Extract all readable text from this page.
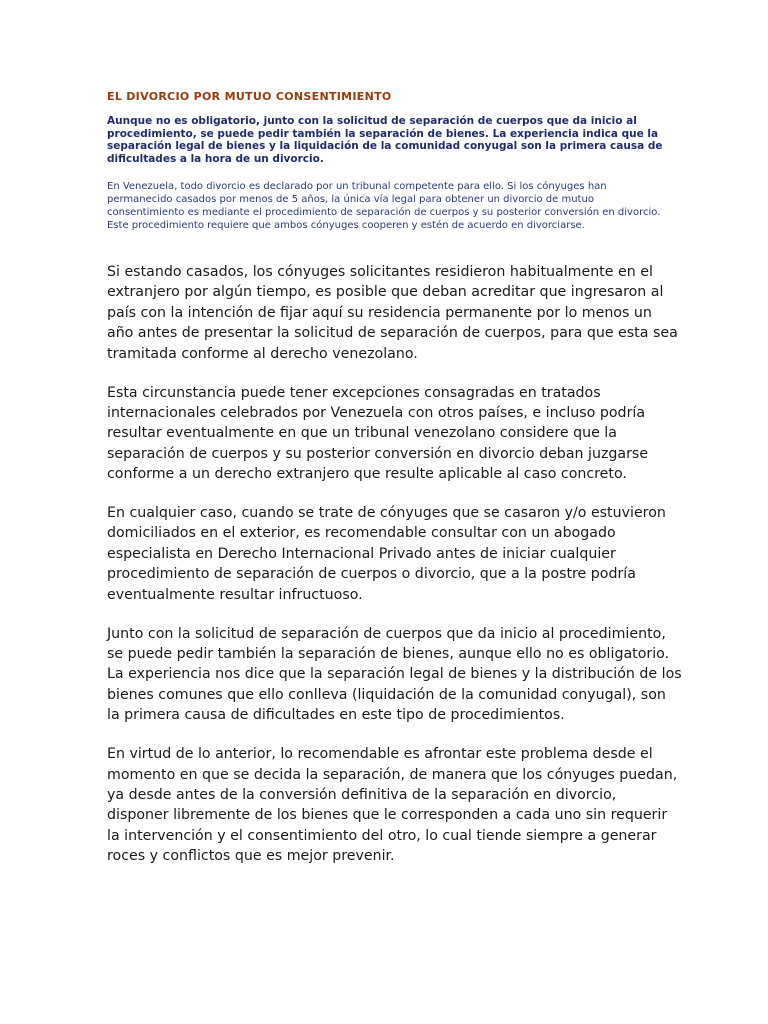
EL DIVORCIO POR MUTUO CONSENTIMIENTO

Aunque no es obligatorio, junto con la solicitud de separación de cuerpos que da inicio al procedimiento, se puede pedir también la separación de bienes. La experiencia indica que la separación legal de bienes y la liquidación de la comunidad conyugal son la primera causa de dificultades a la hora de un divorcio.

En Venezuela, todo divorcio es declarado por un tribunal competente para ello. Si los cónyuges han permanecido casados por menos de 5 años, la única vía legal para obtener un divorcio de mutuo consentimiento es mediante el procedimiento de separación de cuerpos y su posterior conversión en divorcio. Este procedimiento requiere que ambos cónyuges cooperen y estén de acuerdo en divorciarse.

Si estando casados, los cónyuges solicitantes residieron habitualmente en el extranjero por algún tiempo, es posible que deban acreditar que ingresaron al país con la intención de fijar aquí su residencia permanente por lo menos un año antes de presentar la solicitud de separación de cuerpos, para que esta sea tramitada conforme al derecho venezolano.

Esta circunstancia puede tener excepciones consagradas en tratados internacionales celebrados por Venezuela con otros países, e incluso podría resultar eventualmente en que un tribunal venezolano considere que la separación de cuerpos y su posterior conversión en divorcio deban juzgarse conforme a un derecho extranjero que resulte aplicable al caso concreto.

En cualquier caso, cuando se trate de cónyuges que se casaron y/o estuvieron domiciliados en el exterior, es recomendable consultar con un abogado especialista en Derecho Internacional Privado antes de iniciar cualquier procedimiento de separación de cuerpos o divorcio, que a la postre podría eventualmente resultar infructuoso.

Junto con la solicitud de separación de cuerpos que da inicio al procedimiento, se puede pedir también la separación de bienes, aunque ello no es obligatorio. La experiencia nos dice que la separación legal de bienes y la distribución de los bienes comunes que ello conlleva (liquidación de la comunidad conyugal), son la primera causa de dificultades en este tipo de procedimientos.

En virtud de lo anterior, lo recomendable es afrontar este problema desde el momento en que se decida la separación, de manera que los cónyuges puedan, ya desde antes de la conversión definitiva de la separación en divorcio, disponer libremente de los bienes que le corresponden a cada uno sin requerir la intervención y el consentimiento del otro, lo cual tiende siempre a generar roces y conflictos que es mejor prevenir.
